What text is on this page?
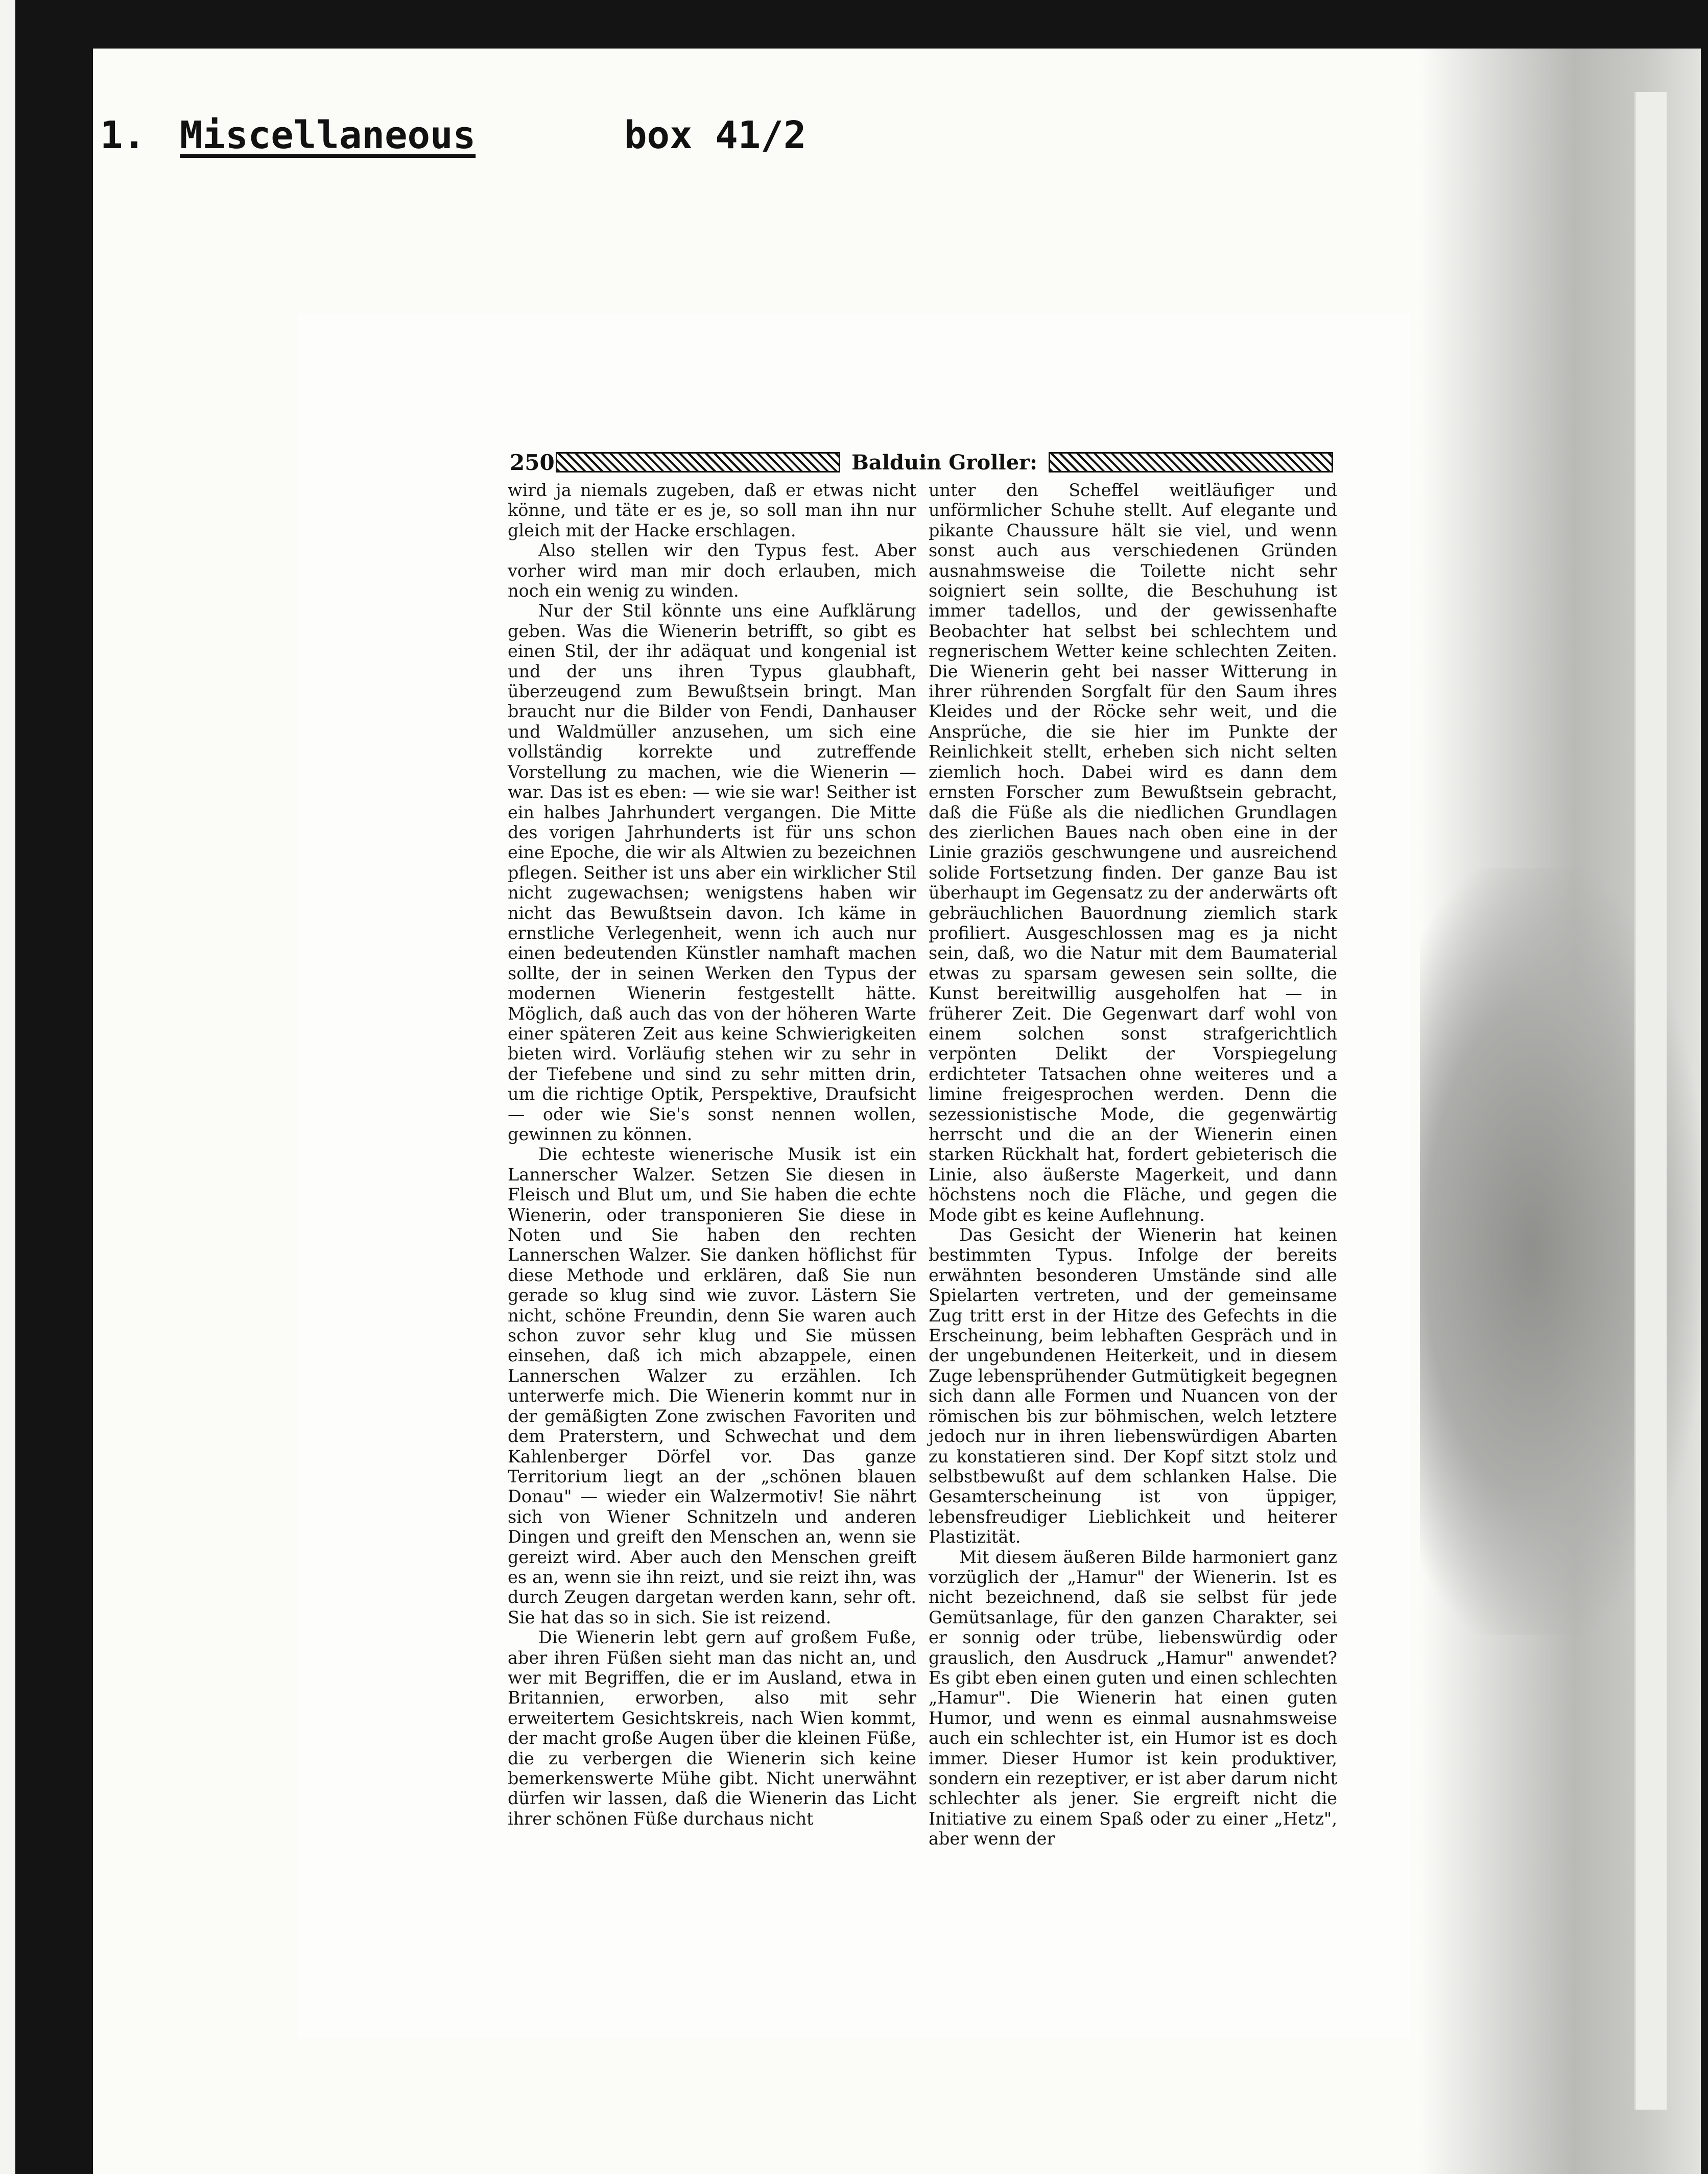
1. Miscellaneous	box 41/2
250	Balduin Groller:

wird ja niemals zugeben, daß er etwas nicht könne, und täte er es je, so soll man ihn nur gleich mit der Hacke erschlagen.

Also stellen wir den Typus fest. Aber vorher wird man mir doch erlauben, mich noch ein wenig zu winden.

Nur der Stil könnte uns eine Aufklärung geben. Was die Wienerin betrifft, so gibt es einen Stil, der ihr adäquat und kongenial ist und der uns ihren Typus glaubhaft, überzeugend zum Bewußtsein bringt. Man braucht nur die Bilder von Fendi, Danhauser und Waldmüller anzusehen, um sich eine vollständig korrekte und zutreffende Vorstellung zu machen, wie die Wienerin — war. Das ist es eben: — wie sie war! Seither ist ein halbes Jahrhundert vergangen. Die Mitte des vorigen Jahrhunderts ist für uns schon eine Epoche, die wir als Altwien zu bezeichnen pflegen. Seither ist uns aber ein wirklicher Stil nicht zugewachsen; wenigstens haben wir nicht das Bewußtsein davon. Ich käme in ernstliche Verlegenheit, wenn ich auch nur einen bedeutenden Künstler namhaft machen sollte, der in seinen Werken den Typus der modernen Wienerin festgestellt hätte. Möglich, daß auch das von der höheren Warte einer späteren Zeit aus keine Schwierigkeiten bieten wird. Vorläufig stehen wir zu sehr in der Tiefebene und sind zu sehr mitten drin, um die richtige Optik, Perspektive, Draufsicht — oder wie Sie's sonst nennen wollen, gewinnen zu können.

Die echteste wienerische Musik ist ein Lannerscher Walzer. Setzen Sie diesen in Fleisch und Blut um, und Sie haben die echte Wienerin, oder transponieren Sie diese in Noten und Sie haben den rechten Lannerschen Walzer. Sie danken höflichst für diese Methode und erklären, daß Sie nun gerade so klug sind wie zuvor. Lästern Sie nicht, schöne Freundin, denn Sie waren auch schon zuvor sehr klug und Sie müssen einsehen, daß ich mich abzappele, einen Lannerschen Walzer zu erzählen. Ich unterwerfe mich. Die Wienerin kommt nur in der gemäßigten Zone zwischen Favoriten und dem Praterstern, und Schwechat und dem Kahlenberger Dörfel vor. Das ganze Territorium liegt an der „schönen blauen Donau" — wieder ein Walzermotiv! Sie nährt sich von Wiener Schnitzeln und anderen Dingen und greift den Menschen an, wenn sie gereizt wird. Aber auch den Menschen greift es an, wenn sie ihn reizt, und sie reizt ihn, was durch Zeugen dargetan werden kann, sehr oft. Sie hat das so in sich. Sie ist reizend.

Die Wienerin lebt gern auf großem Fuße, aber ihren Füßen sieht man das nicht an, und wer mit Begriffen, die er im Ausland, etwa in Britannien, erworben, also mit sehr erweitertem Gesichtskreis, nach Wien kommt, der macht große Augen über die kleinen Füße, die zu verbergen die Wienerin sich keine bemerkenswerte Mühe gibt. Nicht unerwähnt dürfen wir lassen, daß die Wienerin das Licht ihrer schönen Füße durchaus nicht

unter den Scheffel weitläufiger und unförmlicher Schuhe stellt. Auf elegante und pikante Chaussure hält sie viel, und wenn sonst auch aus verschiedenen Gründen ausnahmsweise die Toilette nicht sehr soigniert sein sollte, die Beschuhung ist immer tadellos, und der gewissenhafte Beobachter hat selbst bei schlechtem und regnerischem Wetter keine schlechten Zeiten. Die Wienerin geht bei nasser Witterung in ihrer rührenden Sorgfalt für den Saum ihres Kleides und der Röcke sehr weit, und die Ansprüche, die sie hier im Punkte der Reinlichkeit stellt, erheben sich nicht selten ziemlich hoch. Dabei wird es dann dem ernsten Forscher zum Bewußtsein gebracht, daß die Füße als die niedlichen Grundlagen des zierlichen Baues nach oben eine in der Linie graziös geschwungene und ausreichend solide Fortsetzung finden. Der ganze Bau ist überhaupt im Gegensatz zu der anderwärts oft gebräuchlichen Bauordnung ziemlich stark profiliert. Ausgeschlossen mag es ja nicht sein, daß, wo die Natur mit dem Baumaterial etwas zu sparsam gewesen sein sollte, die Kunst bereitwillig ausgeholfen hat — in früherer Zeit. Die Gegenwart darf wohl von einem solchen sonst strafgerichtlich verpönten Delikt der Vorspiegelung erdichteter Tatsachen ohne weiteres und a limine freigesprochen werden. Denn die sezessionistische Mode, die gegenwärtig herrscht und die an der Wienerin einen starken Rückhalt hat, fordert gebieterisch die Linie, also äußerste Magerkeit, und dann höchstens noch die Fläche, und gegen die Mode gibt es keine Auflehnung.

Das Gesicht der Wienerin hat keinen bestimmten Typus. Infolge der bereits erwähnten besonderen Umstände sind alle Spielarten vertreten, und der gemeinsame Zug tritt erst in der Hitze des Gefechts in die Erscheinung, beim lebhaften Gespräch und in der ungebundenen Heiterkeit, und in diesem Zuge lebensprühender Gutmütigkeit begegnen sich dann alle Formen und Nuancen von der römischen bis zur böhmischen, welch letztere jedoch nur in ihren liebenswürdigen Abarten zu konstatieren sind. Der Kopf sitzt stolz und selbstbewußt auf dem schlanken Halse. Die Gesamterscheinung ist von üppiger, lebensfreudiger Lieblichkeit und heiterer Plastizität.

Mit diesem äußeren Bilde harmoniert ganz vorzüglich der „Hamur" der Wienerin. Ist es nicht bezeichnend, daß sie selbst für jede Gemütsanlage, für den ganzen Charakter, sei er sonnig oder trübe, liebenswürdig oder grauslich, den Ausdruck „Hamur" anwendet? Es gibt eben einen guten und einen schlechten „Hamur". Die Wienerin hat einen guten Humor, und wenn es einmal ausnahmsweise auch ein schlechter ist, ein Humor ist es doch immer. Dieser Humor ist kein produktiver, sondern ein rezeptiver, er ist aber darum nicht schlechter als jener. Sie ergreift nicht die Initiative zu einem Spaß oder zu einer „Hetz", aber wenn der
